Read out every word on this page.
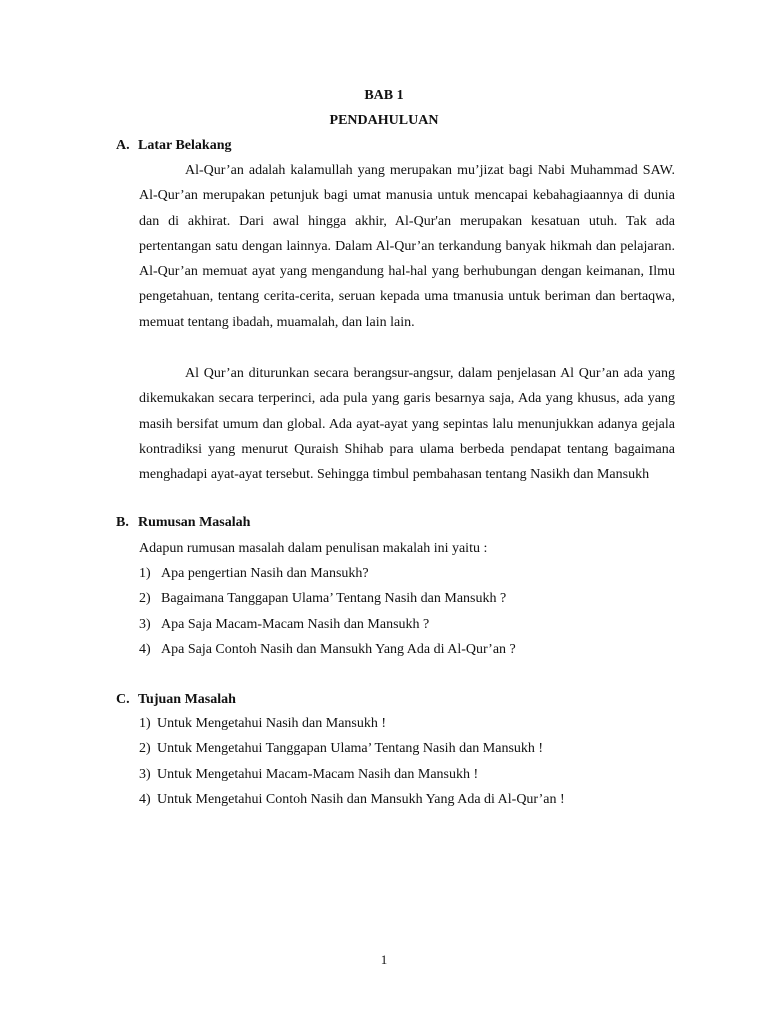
BAB 1
PENDAHULUAN
A. Latar Belakang

Al-Qur’an adalah kalamullah yang merupakan mu’jizat bagi Nabi Muhammad SAW. Al-Qur’an merupakan petunjuk bagi umat manusia untuk mencapai kebahagiaannya di dunia dan di akhirat. Dari awal hingga akhir, Al-Qur'an merupakan kesatuan utuh. Tak ada pertentangan satu dengan lainnya. Dalam Al-Qur’an terkandung banyak hikmah dan pelajaran. Al-Qur’an memuat ayat yang mengandung hal-hal yang berhubungan dengan keimanan, Ilmu pengetahuan, tentang cerita-cerita, seruan kepada uma tmanusia untuk beriman dan bertaqwa, memuat tentang ibadah, muamalah, dan lain lain.

Al Qur’an diturunkan secara berangsur-angsur, dalam penjelasan Al Qur’an ada yang dikemukakan secara terperinci, ada pula yang garis besarnya saja, Ada yang khusus, ada yang masih bersifat umum dan global. Ada ayat-ayat yang sepintas lalu menunjukkan adanya gejala kontradiksi yang menurut Quraish Shihab para ulama berbeda pendapat tentang bagaimana menghadapi ayat-ayat tersebut. Sehingga timbul pembahasan tentang Nasikh dan Mansukh

B. Rumusan Masalah

Adapun rumusan masalah dalam penulisan makalah ini yaitu :

1) Apa pengertian Nasih dan Mansukh?
2) Bagaimana Tanggapan Ulama’ Tentang Nasih dan Mansukh ?
3) Apa Saja Macam-Macam Nasih dan Mansukh ?
4) Apa Saja Contoh Nasih dan Mansukh Yang Ada di Al-Qur’an ?
C. Tujuan Masalah
1) Untuk Mengetahui Nasih dan Mansukh !
2) Untuk Mengetahui Tanggapan Ulama’ Tentang Nasih dan Mansukh !
3) Untuk Mengetahui Macam-Macam Nasih dan Mansukh !
4) Untuk Mengetahui Contoh Nasih dan Mansukh Yang Ada di Al-Qur’an !
1
